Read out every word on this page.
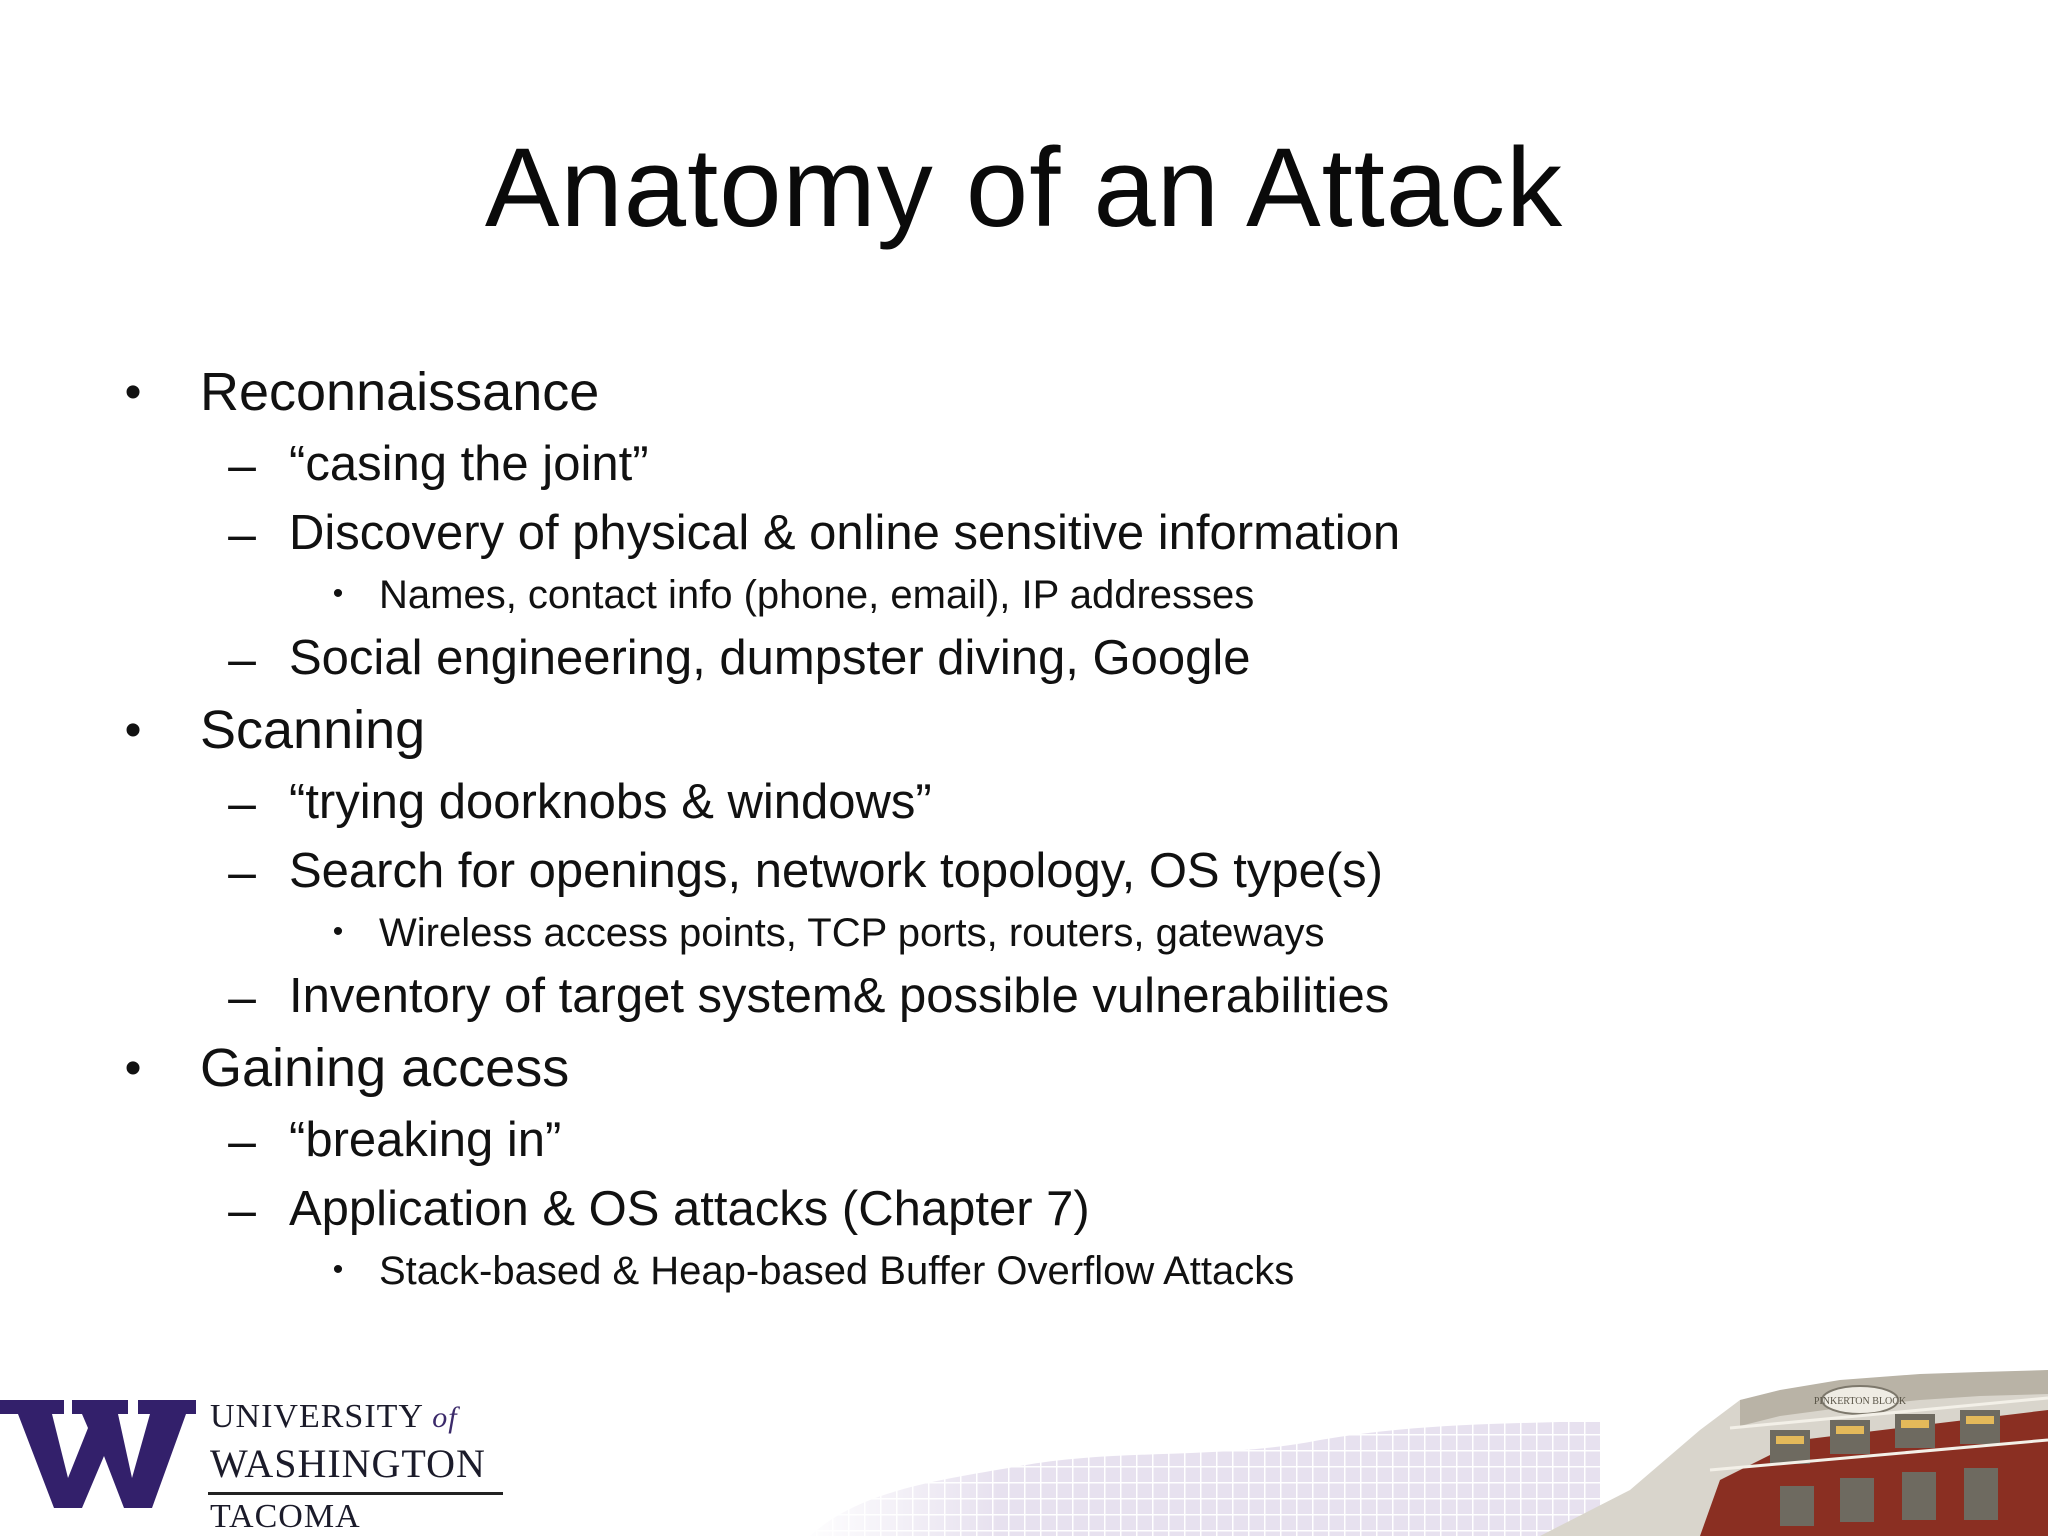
Anatomy of an Attack
• Reconnaissance
– “casing the joint”
– Discovery of physical & online sensitive information
• Names, contact info (phone, email), IP addresses
– Social engineering, dumpster diving, Google
• Scanning
– “trying doorknobs & windows”
– Search for openings, network topology, OS type(s)
• Wireless access points, TCP ports, routers, gateways
– Inventory of target system& possible vulnerabilities
• Gaining access
– “breaking in”
– Application & OS attacks (Chapter 7)
• Stack-based & Heap-based Buffer Overflow Attacks
UNIVERSITY of
WASHINGTON
TACOMA
PINKERTON BLOCK
